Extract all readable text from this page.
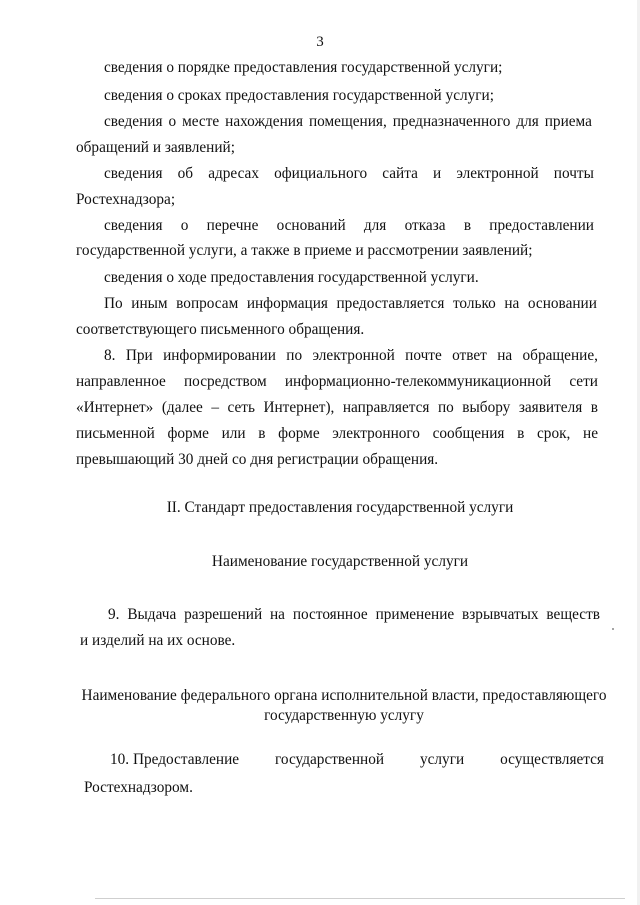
3
сведения о порядке предоставления государственной услуги;
сведения о сроках предоставления государственной услуги;
сведения о месте нахождения помещения, предназначенного для приема
обращений и заявлений;
сведения об адресах официального сайта и электронной почты
Ростехнадзора;
сведения о перечне оснований для отказа в предоставлении
государственной услуги, а также в приеме и рассмотрении заявлений;
сведения о ходе предоставления государственной услуги.
По иным вопросам информация предоставляется только на основании
соответствующего письменного обращения.
8. При информировании по электронной почте ответ на обращение,
направленное посредством информационно-телекоммуникационной сети
«Интернет» (далее – сеть Интернет), направляется по выбору заявителя в
письменной форме или в форме электронного сообщения в срок, не
превышающий 30 дней со дня регистрации обращения.
II. Стандарт предоставления государственной услуги
Наименование государственной услуги
9. Выдача разрешений на постоянное применение взрывчатых веществ
и изделий на их основе.
Наименование федерального органа исполнительной власти, предоставляющего
государственную услугу
10. Предоставление государственной услуги осуществляется
Ростехнадзором.
